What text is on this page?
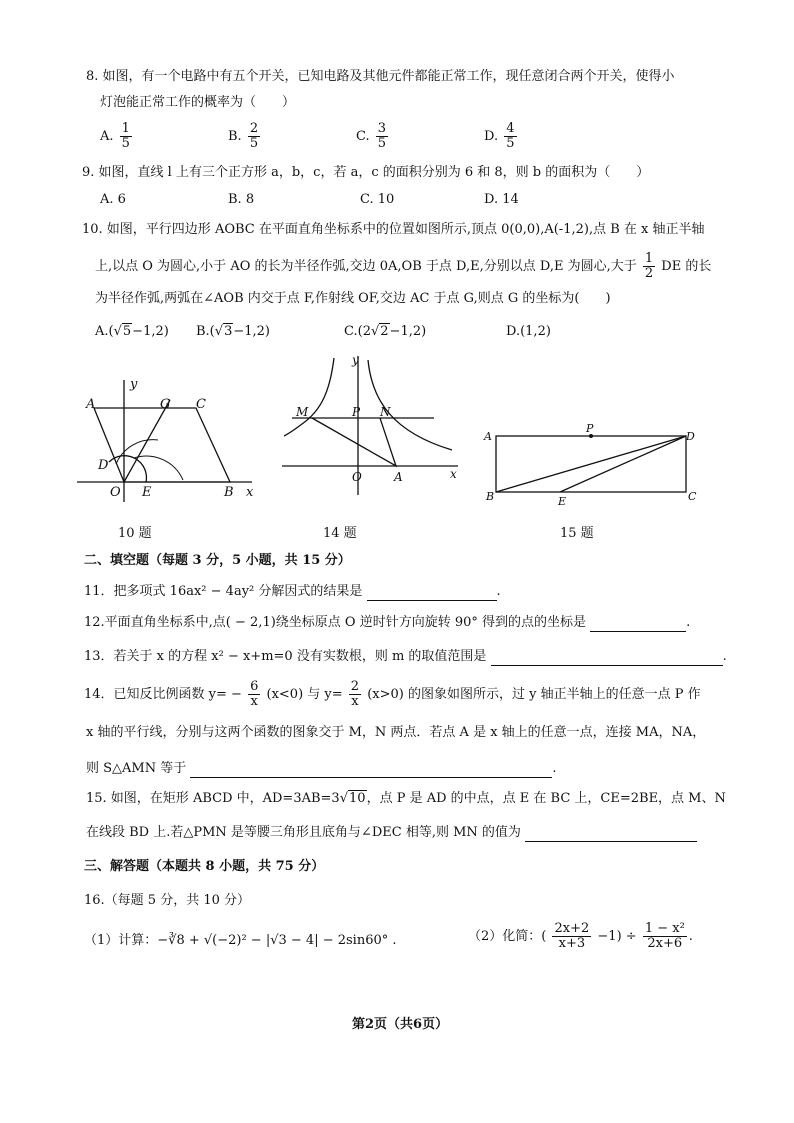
8. 如图，有一个电路中有五个开关，已知电路及其他元件都能正常工作，现任意闭合两个开关，使得小
灯泡能正常工作的概率为（　　）
A. $\frac{1}{5}$	B. $\frac{2}{5}$	C. $\frac{3}{5}$	D. $\frac{4}{5}$
9. 如图，直线 l 上有三个正方形 a，b，c，若 a，c 的面积分别为 6 和 8，则 b 的面积为（　　）
A. 6	B. 8	C. 10	D. 14
10. 如图，平行四边形 AOBC 在平面直角坐标系中的位置如图所示,顶点 0(0,0),A(-1,2),点 B 在 x 轴正半轴
上,以点 O 为圆心,小于 AO 的长为半径作弧,交边 0A,OB 于点 D,E,分别以点 D,E 为圆心,大于 $\frac{1}{2}$ DE 的长
为半径作弧,两弧在∠AOB 内交于点 F,作射线 OF,交边 AC 于点 G,则点 G 的坐标为(　　)
A.(√5−1,2) B.(√3−1,2)	C.(2√2−1,2)	D.(1,2)
A	G C
D
O E	B x
y
10 题
M	P N
O	A	x
y
14 题
A
P
D
B	E	C
15 题
二、填空题（每题 3 分，5 小题，共 15 分）
11．把多项式 16ax² − 4ay² 分解因式的结果是	.
12.平面直角坐标系中,点( − 2,1)绕坐标原点 O 逆时针方向旋转 90° 得到的点的坐标是	.
13．若关于 x 的方程 x² − x+m=0 没有实数根，则 m 的取值范围是	.
14．已知反比例函数 $y= - \frac{6}{x} (x<0)$ 与 $y= \frac{2}{x} (x>0)$ 的图象如图所示，过 y 轴正半轴上的任意一点 P 作
x 轴的平行线，分别与这两个函数的图象交于 M，N 两点．若点 A 是 x 轴上的任意一点，连接 MA，NA，
则 S△AMN 等于	.
15. 如图，在矩形 ABCD 中，AD=3AB=3√10，点 P 是 AD 的中点，点 E 在 BC 上，CE=2BE，点 M、N
在线段 BD 上.若△PMN 是等腰三角形且底角与∠DEC 相等,则 MN 的值为
三、解答题（本题共 8 小题，共 75 分）
16.（每题 5 分，共 10 分）
（1）计算：−∛8 + √(−2)² − |√3 − 4| − 2sin60° .	（2）化简：( $\frac{2x+2}{x+3} -1) \div \frac{\text{1 − x²}}{2x+6}$ .
第2页（共6页）
